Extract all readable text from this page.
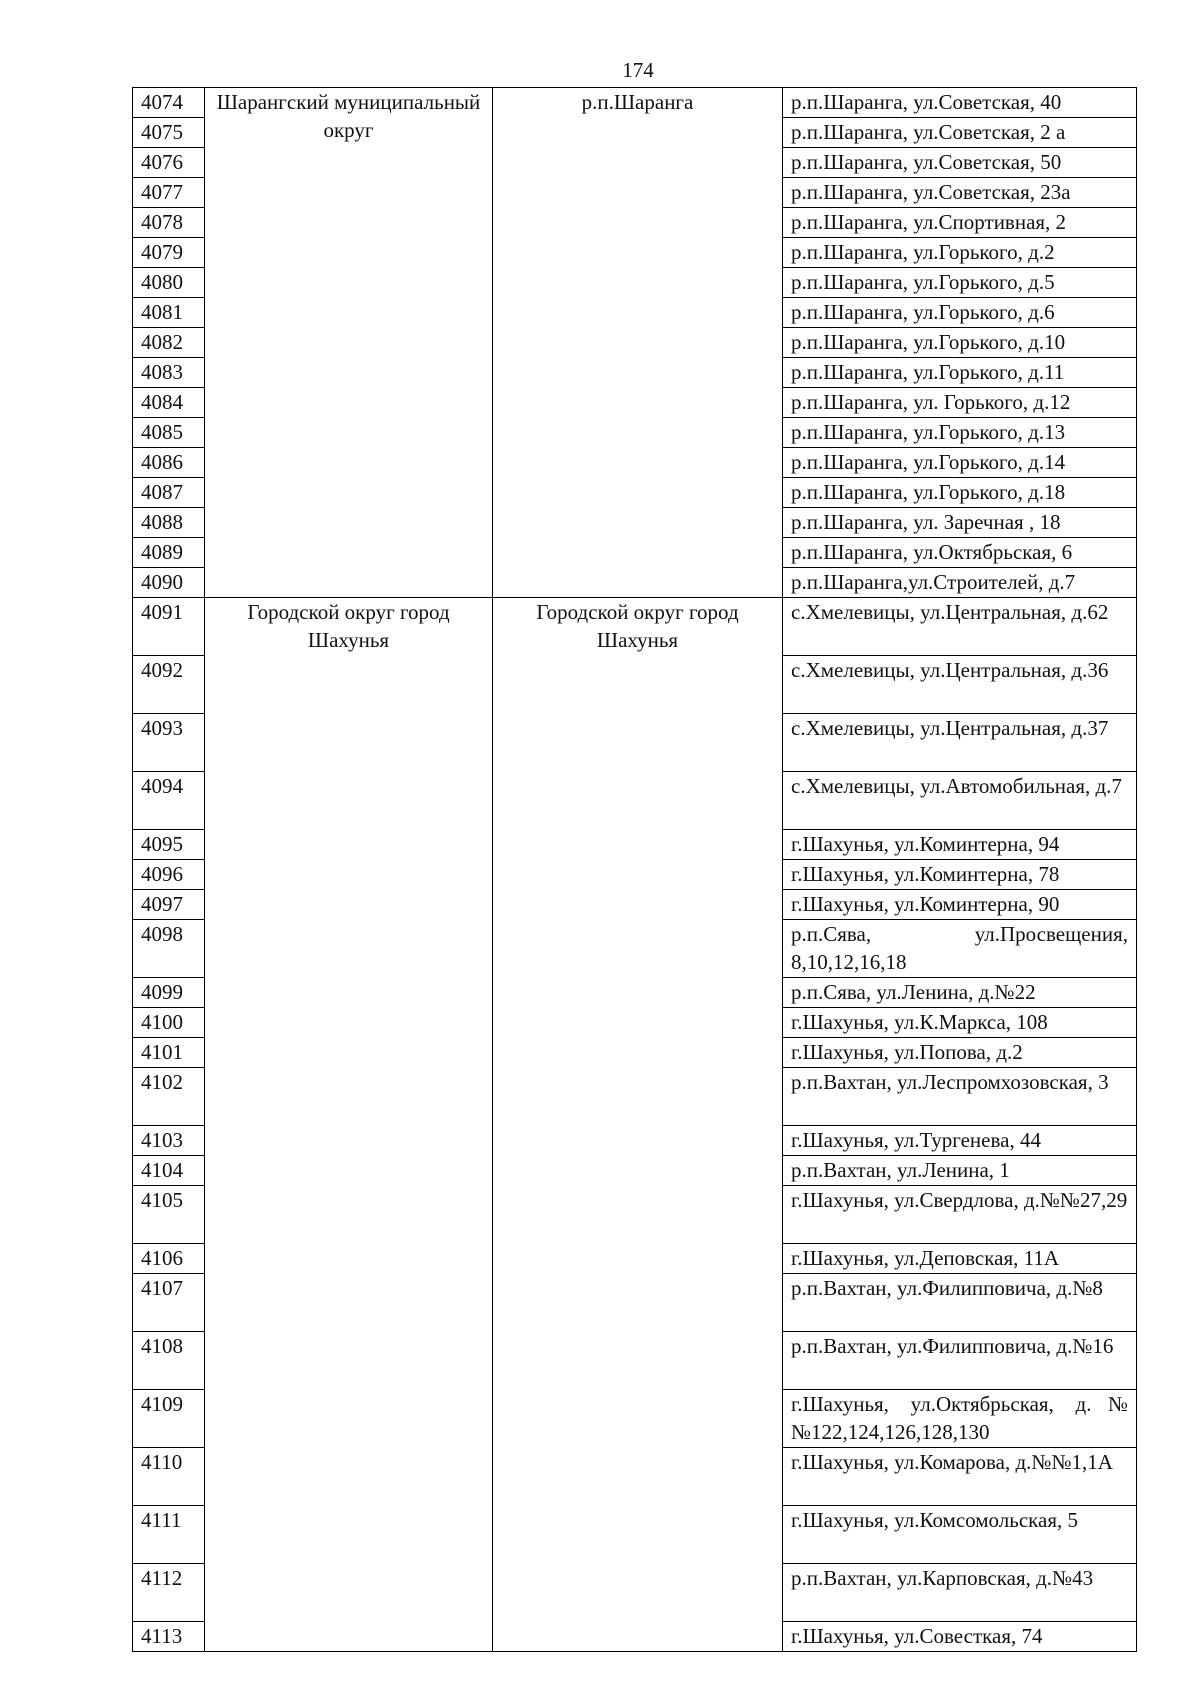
174
4074	Шарангский муниципальный округ	р.п.Шаранга	р.п.Шаранга, ул.Советская, 40
4075			р.п.Шаранга, ул.Советская, 2 а
4076			р.п.Шаранга, ул.Советская, 50
4077			р.п.Шаранга, ул.Советская, 23а
4078			р.п.Шаранга, ул.Спортивная, 2
4079			р.п.Шаранга, ул.Горького, д.2
4080			р.п.Шаранга, ул.Горького, д.5
4081			р.п.Шаранга, ул.Горького, д.6
4082			р.п.Шаранга, ул.Горького, д.10
4083			р.п.Шаранга, ул.Горького, д.11
4084			р.п.Шаранга, ул. Горького, д.12
4085			р.п.Шаранга, ул.Горького, д.13
4086			р.п.Шаранга, ул.Горького, д.14
4087			р.п.Шаранга, ул.Горького, д.18
4088			р.п.Шаранга, ул. Заречная , 18
4089			р.п.Шаранга, ул.Октябрьская, 6
4090			р.п.Шаранга,ул.Строителей, д.7
4091	Городской округ город Шахунья	Городской округ город Шахунья	с.Хмелевицы, ул.Центральная, д.62
4092			с.Хмелевицы, ул.Центральная, д.36
4093			с.Хмелевицы, ул.Центральная, д.37
4094			с.Хмелевицы, ул.Автомобильная, д.7
4095			г.Шахунья, ул.Коминтерна, 94
4096			г.Шахунья, ул.Коминтерна, 78
4097			г.Шахунья, ул.Коминтерна, 90
4098			р.п.Сява, ул.Просвещения, 8,10,12,16,18
4099			р.п.Сява, ул.Ленина, д.№22
4100			г.Шахунья, ул.К.Маркса, 108
4101			г.Шахунья, ул.Попова, д.2
4102			р.п.Вахтан, ул.Леспромхозовская, 3
4103			г.Шахунья, ул.Тургенева, 44
4104			р.п.Вахтан, ул.Ленина, 1
4105			г.Шахунья, ул.Свердлова, д.№№27,29
4106			г.Шахунья, ул.Деповская, 11А
4107			р.п.Вахтан, ул.Филипповича, д.№8
4108			р.п.Вахтан, ул.Филипповича, д.№16
4109			г.Шахунья, ул.Октябрьская, д.№№122,124,126,128,130
4110			г.Шахунья, ул.Комарова, д.№№1,1А
4111			г.Шахунья, ул.Комсомольская, 5
4112			р.п.Вахтан, ул.Карповская, д.№43
4113			г.Шахунья, ул.Совесткая, 74
